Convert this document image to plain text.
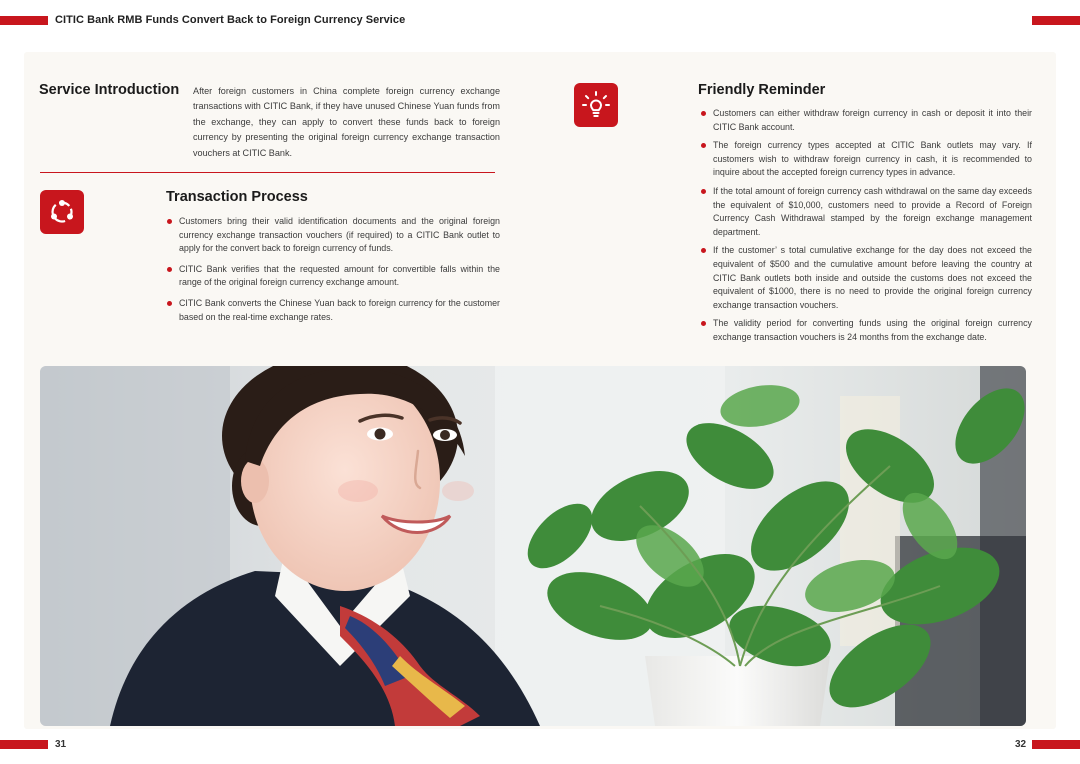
CITIC Bank RMB Funds Convert Back to Foreign Currency Service
Service Introduction After foreign customers in China complete foreign currency exchange transactions with CITIC Bank, if they have unused Chinese Yuan funds from the exchange, they can apply to convert these funds back to foreign currency by presenting the original foreign currency exchange transaction vouchers at CITIC Bank.
Transaction Process
Customers bring their valid identification documents and the original foreign currency exchange transaction vouchers (if required) to a CITIC Bank outlet to apply for the convert back to foreign currency of funds.
CITIC Bank verifies that the requested amount for convertible falls within the range of the original foreign currency exchange amount.
CITIC Bank converts the Chinese Yuan back to foreign currency for the customer based on the real-time exchange rates.
Friendly Reminder
Customers can either withdraw foreign currency in cash or deposit it into their CITIC Bank account.
The foreign currency types accepted at CITIC Bank outlets may vary. If customers wish to withdraw foreign currency in cash, it is recommended to inquire about the accepted foreign currency types in advance.
If the total amount of foreign currency cash withdrawal on the same day exceeds the equivalent of $10,000, customers need to provide a Record of Foreign Currency Cash Withdrawal stamped by the foreign exchange management department.
If the customer’ s total cumulative exchange for the day does not exceed the equivalent of $500 and the cumulative amount before leaving the country at CITIC Bank outlets both inside and outside the customs does not exceed the equivalent of $1000, there is no need to provide the original foreign currency exchange transaction vouchers.
The validity period for converting funds using the original foreign currency exchange transaction vouchers is 24 months from the exchange date.
31	32
